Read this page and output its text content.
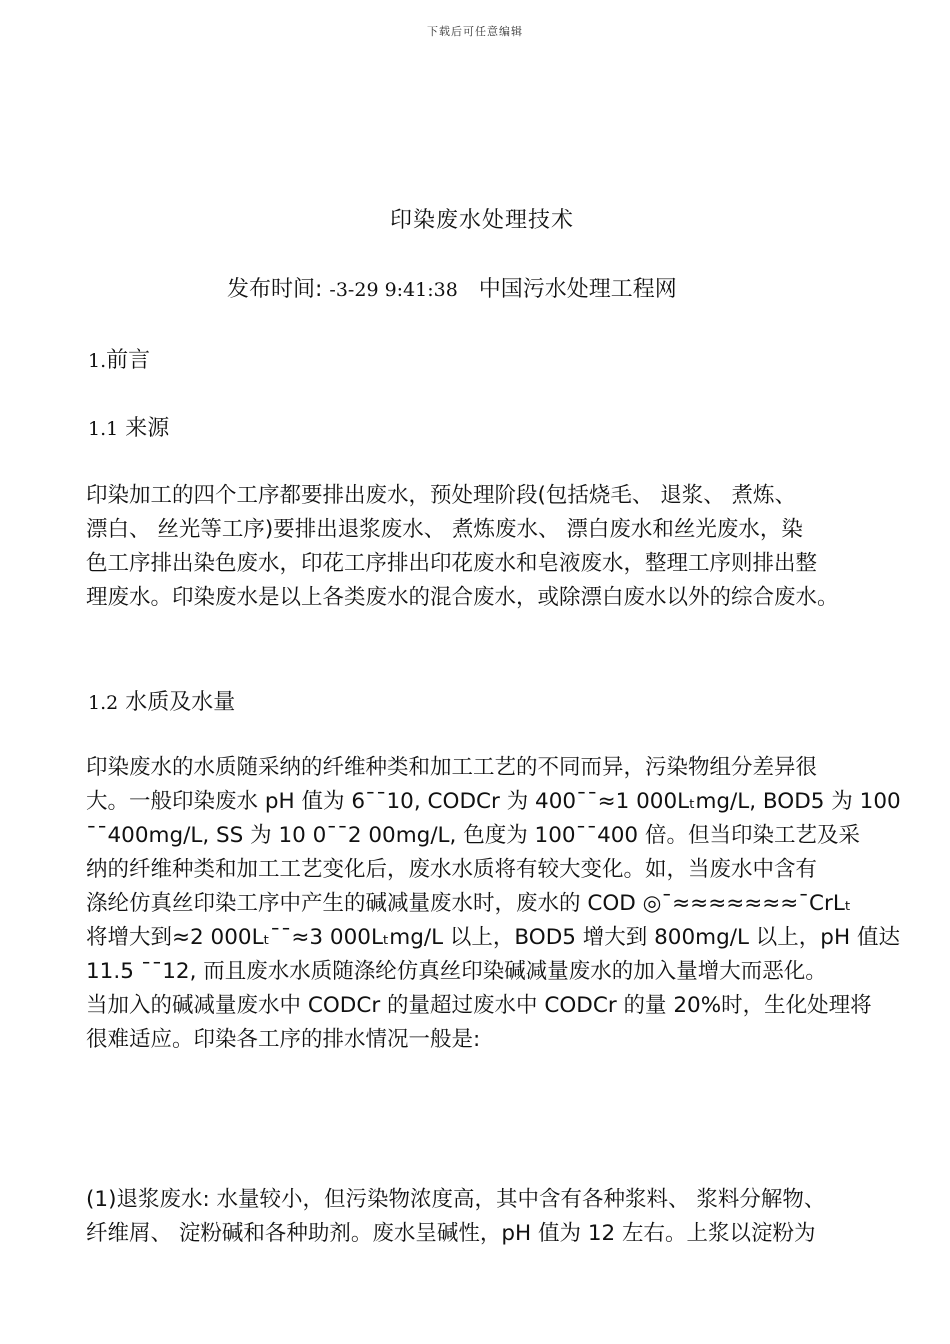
下载后可任意编辑
印染废水处理技术
发布时间: -3-29 9:41:38 中国污水处理工程网
1.前言
1.1 来源
印染加工的四个工序都要排出废水，预处理阶段(包括烧毛、 退浆、 煮炼、
漂白、 丝光等工序)要排出退浆废水、 煮炼废水、 漂白废水和丝光废水，染
色工序排出染色废水，印花工序排出印花废水和皂液废水，整理工序则排出整
理废水。印染废水是以上各类废水的混合废水，或除漂白废水以外的综合废水。
1.2 水质及水量
印染废水的水质随采纳的纤维种类和加工工艺的不同而异，污染物组分差异很
大。一般印染废水 pH 值为 6¯¯10, CODCr 为 400¯¯≈1 000Lₜmg/L, BOD5 为 100
¯¯400mg/L, SS 为 10 0¯¯2 00mg/L, 色度为 100¯¯400 倍。但当印染工艺及采
纳的纤维种类和加工工艺变化后，废水水质将有较大变化。如，当废水中含有
涤纶仿真丝印染工序中产生的碱减量废水时，废水的 COD ◎¯≈≈≈≈≈≈≈¯CrLₜ
将增大到≈2 000Lₜ¯¯≈3 000Lₜmg/L 以上，BOD5 增大到 800mg/L 以上，pH 值达
11.5 ¯¯12, 而且废水水质随涤纶仿真丝印染碱减量废水的加入量增大而恶化。
当加入的碱减量废水中 CODCr 的量超过废水中 CODCr 的量 20%时，生化处理将
很难适应。印染各工序的排水情况一般是:
(1)退浆废水: 水量较小，但污染物浓度高，其中含有各种浆料、 浆料分解物、
纤维屑、 淀粉碱和各种助剂。废水呈碱性，pH 值为 12 左右。上浆以淀粉为
